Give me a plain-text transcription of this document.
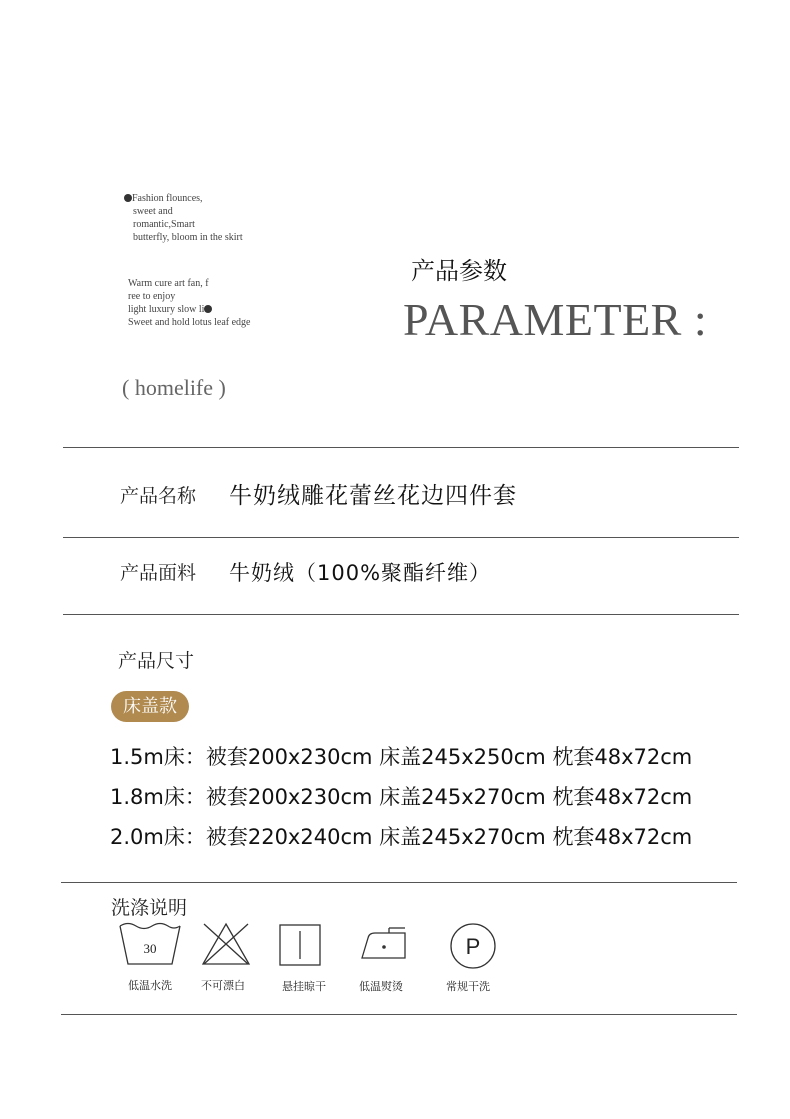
Fashion flounces,
sweet and
romantic,Smart
butterfly, bloom in the skirt
Warm cure art fan, f
ree to enjoy
light luxury slow li
Sweet and hold lotus leaf edge
产品参数
PARAMETER :
( homelife )
产品名称 牛奶绒雕花蕾丝花边四件套
产品面料 牛奶绒（100%聚酯纤维）
产品尺寸
床盖款
1.5m床：被套200x230cm 床盖245x250cm 枕套48x72cm
1.8m床：被套200x230cm 床盖245x270cm 枕套48x72cm
2.0m床：被套220x240cm 床盖245x270cm 枕套48x72cm
洗涤说明
30
低温水洗	不可漂白	悬挂晾干	低温熨烫
P
常规干洗
